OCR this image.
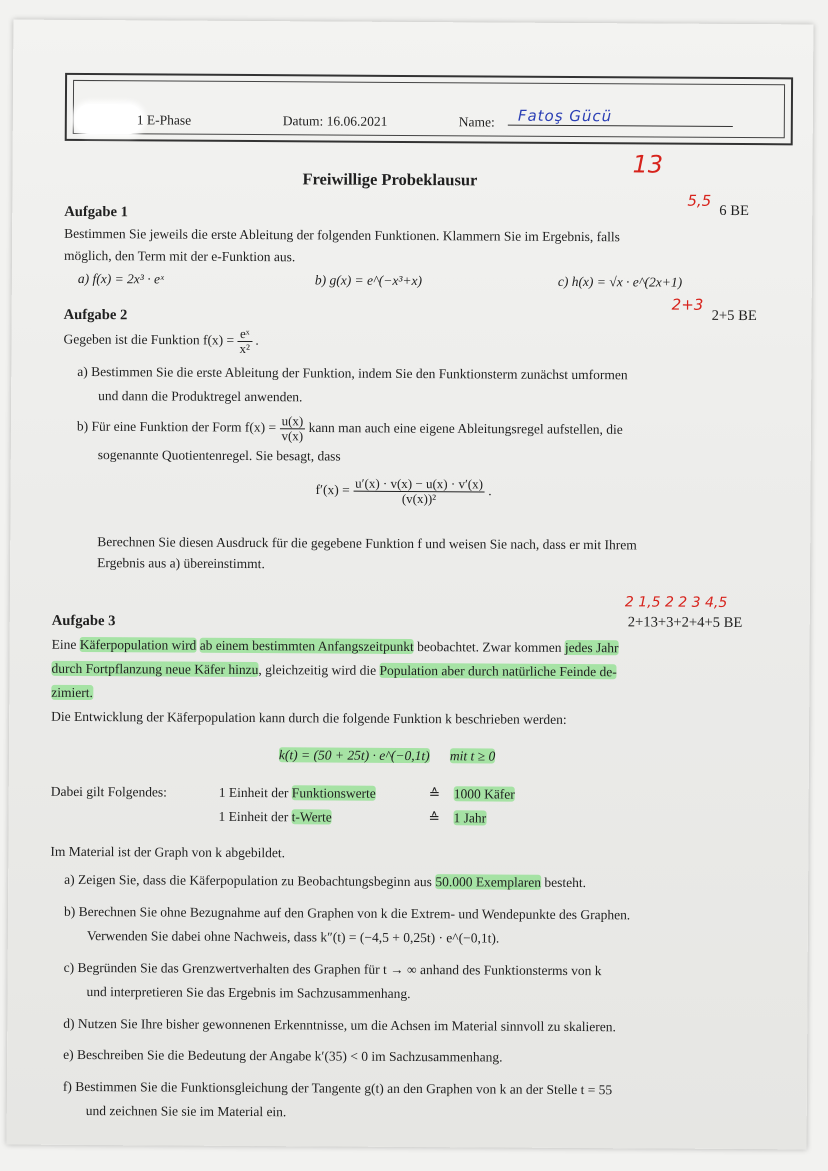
1 E-Phase	Datum: 16.06.2021	Name: Fatoş Gücü
Freiwillige Probeklausur
13
Aufgabe 1
5,5
6 BE
Bestimmen Sie jeweils die erste Ableitung der folgenden Funktionen. Klammern Sie im Ergebnis, falls
möglich, den Term mit der e-Funktion aus.
a) f(x) = 2x³ · eˣ	b) g(x) = e^(−x³+x)	c) h(x) = √x · e^(2x+1)
Aufgabe 2
2+3
2+5 BE
Gegeben ist die Funktion $f(x) = \frac{\text{eˣ}}{\text{x²}}$ .
a) Bestimmen Sie die erste Ableitung der Funktion, indem Sie den Funktionsterm zunächst umformen
und dann die Produktregel anwenden.
b) Für eine Funktion der Form $f(x) = \frac{u(x)}{v(x)}$ kann man auch eine eigene Ableitungsregel aufstellen, die
sogenannte Quotientenregel. Sie besagt, dass
$f'(x) = \frac{u'(x) \cdot v(x) - u(x) \cdot v'(x)}{\text{(v(x))²}}$ .
Berechnen Sie diesen Ausdruck für die gegebene Funktion f und weisen Sie nach, dass er mit Ihrem
Ergebnis aus a) übereinstimmt.
Aufgabe 3
2 1,5 2 2 3 4,5
2+13+3+2+4+5 BE
Eine Käferpopulation wird ab einem bestimmten Anfangszeitpunkt beobachtet. Zwar kommen jedes Jahr
durch Fortpflanzung neue Käfer hinzu, gleichzeitig wird die Population aber durch natürliche Feinde de-
zimiert.
Die Entwicklung der Käferpopulation kann durch die folgende Funktion k beschrieben werden:
k(t) = (50 + 25t) · e^(−0,1t) mit t ≥ 0
Dabei gilt Folgendes:	1 Einheit der Funktionswerte	≙ 1000 Käfer
1 Einheit der t-Werte	≙ 1 Jahr
Im Material ist der Graph von k abgebildet.
a) Zeigen Sie, dass die Käferpopulation zu Beobachtungsbeginn aus 50.000 Exemplaren besteht.
b) Berechnen Sie ohne Bezugnahme auf den Graphen von k die Extrem- und Wendepunkte des Graphen.
Verwenden Sie dabei ohne Nachweis, dass k″(t) = (−4,5 + 0,25t) · e^(−0,1t).
c) Begründen Sie das Grenzwertverhalten des Graphen für t → ∞ anhand des Funktionsterms von k
und interpretieren Sie das Ergebnis im Sachzusammenhang.
d) Nutzen Sie Ihre bisher gewonnenen Erkenntnisse, um die Achsen im Material sinnvoll zu skalieren.
e) Beschreiben Sie die Bedeutung der Angabe k′(35) < 0 im Sachzusammenhang.
f) Bestimmen Sie die Funktionsgleichung der Tangente g(t) an den Graphen von k an der Stelle t = 55
und zeichnen Sie sie im Material ein.
